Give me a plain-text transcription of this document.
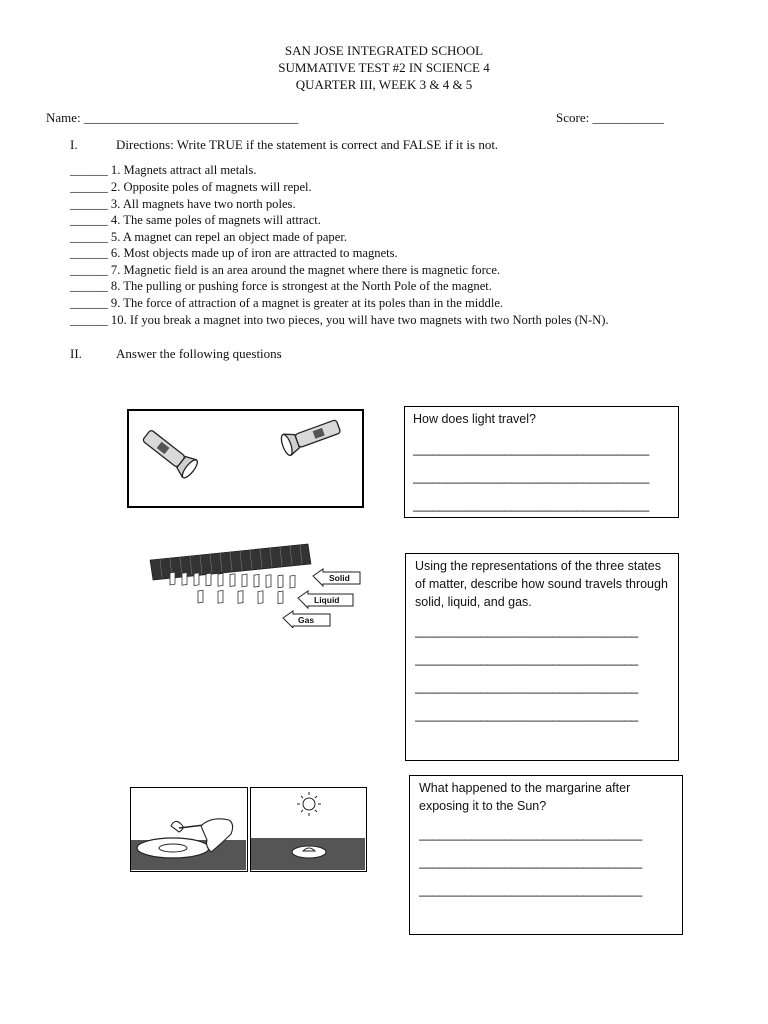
SAN JOSE INTEGRATED SCHOOL
SUMMATIVE TEST #2 IN SCIENCE 4
QUARTER III, WEEK 3 & 4 & 5
Name: _________________________________	Score: ___________
I.	Directions: Write TRUE if the statement is correct and FALSE if it is not.
______ 1. Magnets attract all metals.
______ 2. Opposite poles of magnets will repel.
______ 3. All magnets have two north poles.
______ 4. The same poles of magnets will attract.
______ 5. A magnet can repel an object made of paper.
______ 6. Most objects made up of iron are attracted to magnets.
______ 7. Magnetic field is an area around the magnet where there is magnetic force.
______ 8. The pulling or pushing force is strongest at the North Pole of the magnet.
______ 9. The force of attraction of a magnet is greater at its poles than in the middle.
______ 10. If you break a magnet into two pieces, you will have two magnets with two North poles (N-N).
II.	Answer the following questions
How does light travel?
____________________________________
____________________________________
____________________________________
Solid
Liquid
Gas
Using the representations of the three states of matter, describe how sound travels through solid, liquid, and gas.
__________________________________
__________________________________
__________________________________
__________________________________
What happened to the margarine after exposing it to the Sun?
__________________________________
__________________________________
__________________________________
